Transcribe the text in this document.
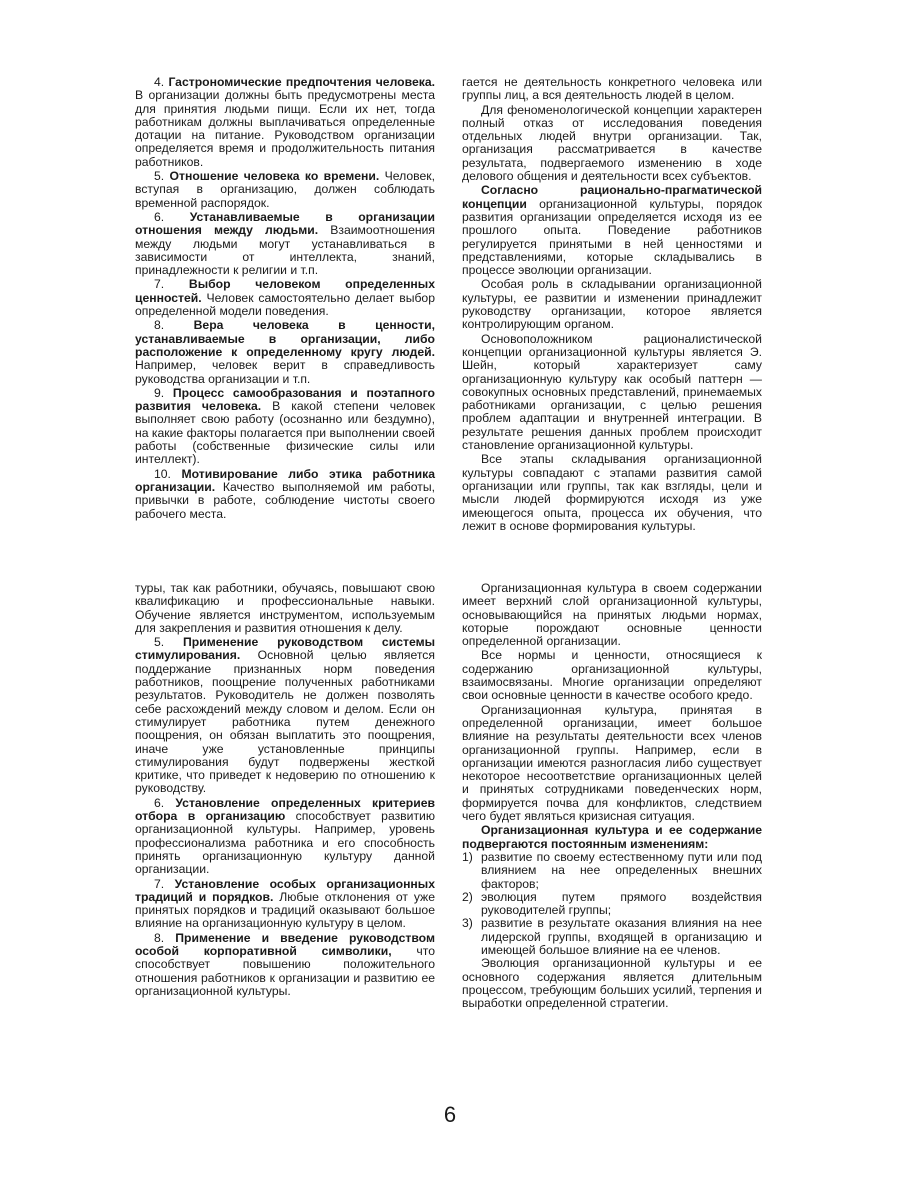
4. Гастрономические предпочтения человека. В организации должны быть предусмотрены места для принятия людьми пищи. Если их нет, тогда работникам должны выплачиваться определенные дотации на питание. Руководством организации определяется время и продолжительность питания работников.

5. Отношение человека ко времени. Человек, вступая в организацию, должен соблюдать временной распорядок.

6. Устанавливаемые в организации отношения между людьми. Взаимоотношения между людьми могут устанавливаться в зависимости от интеллекта, знаний, принадлежности к религии и т.п.

7. Выбор человеком определенных ценностей. Человек самостоятельно делает выбор определенной модели поведения.

8. Вера человека в ценности, устанавливаемые в организации, либо расположение к определенному кругу людей. Например, человек верит в справедливость руководства организации и т.п.

9. Процесс самообразования и поэтапного развития человека. В какой степени человек выполняет свою работу (осознанно или бездумно), на какие факторы полагается при выполнении своей работы (собственные физические силы или интеллект).

10. Мотивирование либо этика работника организации. Качество выполняемой им работы, привычки в работе, соблюдение чистоты своего рабочего места.

гается не деятельность конкретного человека или группы лиц, а вся деятельность людей в целом.

Для феноменологической концепции характерен полный отказ от исследования поведения отдельных людей внутри организации. Так, организация рассматривается в качестве результата, подвергаемого изменению в ходе делового общения и деятельности всех субъектов.

Согласно рационально-прагматической концепции организационной культуры, порядок развития организации определяется исходя из ее прошлого опыта. Поведение работников регулируется принятыми в ней ценностями и представлениями, которые складывались в процессе эволюции организации.

Особая роль в складывании организационной культуры, ее развитии и изменении принадлежит руководству организации, которое является контролирующим органом.

Основоположником рационалистической концепции организационной культуры является Э. Шейн, который характеризует саму организационную культуру как особый паттерн — совокупных основных представлений, принемаемых работниками организации, с целью решения проблем адаптации и внутренней интеграции. В результате решения данных проблем происходит становление организационной культуры.

Все этапы складывания организационной культуры совпадают с этапами развития самой организации или группы, так как взгляды, цели и мысли людей формируются исходя из уже имеющегося опыта, процесса их обучения, что лежит в основе формирования культуры.

туры, так как работники, обучаясь, повышают свою квалификацию и профессиональные навыки. Обучение является инструментом, используемым для закрепления и развития отношения к делу.

5. Применение руководством системы стимулирования. Основной целью является поддержание признанных норм поведения работников, поощрение полученных работниками результатов. Руководитель не должен позволять себе расхождений между словом и делом. Если он стимулирует работника путем денежного поощрения, он обязан выплатить это поощрения, иначе уже установленные принципы стимулирования будут подвержены жесткой критике, что приведет к недоверию по отношению к руководству.

6. Установление определенных критериев отбора в организацию способствует развитию организационной культуры. Например, уровень профессионализма работника и его способность принять организационную культуру данной организации.

7. Установление особых организационных традиций и порядков. Любые отклонения от уже принятых порядков и традиций оказывают большое влияние на организационную культуру в целом.

8. Применение и введение руководством особой корпоративной символики, что способствует повышению положительного отношения работников к организации и развитию ее организационной культуры.

Организационная культура в своем содержании имеет верхний слой организационной культуры, основывающийся на принятых людьми нормах, которые порождают основные ценности определенной организации.

Все нормы и ценности, относящиеся к содержанию организационной культуры, взаимосвязаны. Многие организации определяют свои основные ценности в качестве особого кредо.

Организационная культура, принятая в определенной организации, имеет большое влияние на результаты деятельности всех членов организационной группы. Например, если в организации имеются разногласия либо существует некоторое несоответствие организационных целей и принятых сотрудниками поведенческих норм, формируется почва для конфликтов, следствием чего будет являться кризисная ситуация.

Организационная культура и ее содержание подвергаются постоянным изменениям:

1) развитие по своему естественному пути или под влиянием на нее определенных внешних факторов;
2) эволюция путем прямого воздействия руководителей группы;
3) развитие в результате оказания влияния на нее лидерской группы, входящей в организацию и имеющей большое влияние на ее членов.

Эволюция организационной культуры и ее основного содержания является длительным процессом, требующим больших усилий, терпения и выработки определенной стратегии.

6
